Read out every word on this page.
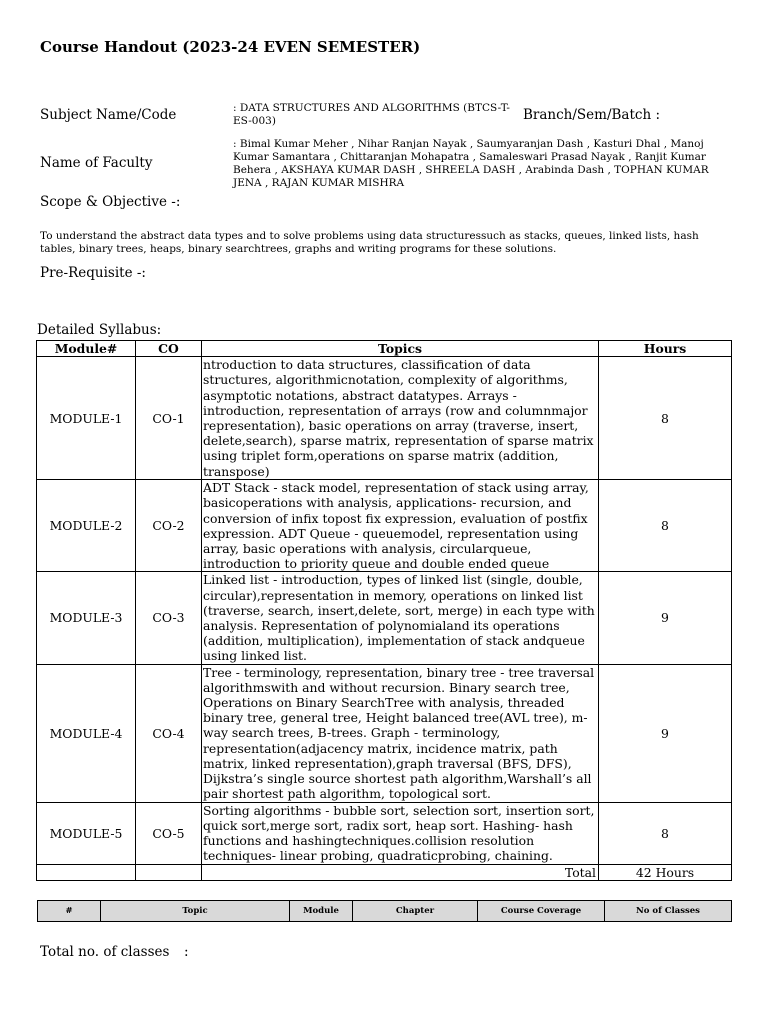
Course Handout (2023-24 EVEN SEMESTER)
Subject Name/Code	: DATA STRUCTURES AND ALGORITHMS (BTCS-T-ES-003)	Branch/Sem/Batch :
Name of Faculty
: Bimal Kumar Meher , Nihar Ranjan Nayak , Saumyaranjan Dash , Kasturi Dhal , Manoj Kumar Samantara , Chittaranjan Mohapatra , Samaleswari Prasad Nayak , Ranjit Kumar Behera , AKSHAYA KUMAR DASH , SHREELA DASH , Arabinda Dash , TOPHAN KUMAR JENA , RAJAN KUMAR MISHRA
Scope & Objective -:
To understand the abstract data types and to solve problems using data structuressuch as stacks, queues, linked lists, hash tables, binary trees, heaps, binary searchtrees, graphs and writing programs for these solutions.
Pre-Requisite -:
Detailed Syllabus:
Module#	CO	Topics	Hours
MODULE-1	CO-1	ntroduction to data structures, classification of data structures, algorithmicnotation, complexity of algorithms, asymptotic notations, abstract datatypes. Arrays - introduction, representation of arrays (row and columnmajor representation), basic operations on array (traverse, insert, delete,search), sparse matrix, representation of sparse matrix using triplet form,operations on sparse matrix (addition, transpose)	8
MODULE-2	CO-2	ADT Stack - stack model, representation of stack using array, basicoperations with analysis, applications- recursion, and conversion of infix topost fix expression, evaluation of postfix expression. ADT Queue - queuemodel, representation using array, basic operations with analysis, circularqueue, introduction to priority queue and double ended queue	8
MODULE-3	CO-3	Linked list - introduction, types of linked list (single, double, circular),representation in memory, operations on linked list (traverse, search, insert,delete, sort, merge) in each type with analysis. Representation of polynomialand its operations (addition, multiplication), implementation of stack andqueue using linked list.	9
MODULE-4	CO-4	Tree - terminology, representation, binary tree - tree traversal algorithmswith and without recursion. Binary search tree, Operations on Binary SearchTree with analysis, threaded binary tree, general tree, Height balanced tree(AVL tree), m-way search trees, B-trees. Graph - terminology, representation(adjacency matrix, incidence matrix, path matrix, linked representation),graph traversal (BFS, DFS), Dijkstra’s single source shortest path algorithm,Warshall’s all pair shortest path algorithm, topological sort.	9
MODULE-5	CO-5	Sorting algorithms - bubble sort, selection sort, insertion sort, quick sort,merge sort, radix sort, heap sort. Hashing- hash functions and hashingtechniques.collision resolution techniques- linear probing, quadraticprobing, chaining.	8
		Total	42 Hours
#	Topic	Module	Chapter	Course Coverage	No of Classes
Total no. of classes :
